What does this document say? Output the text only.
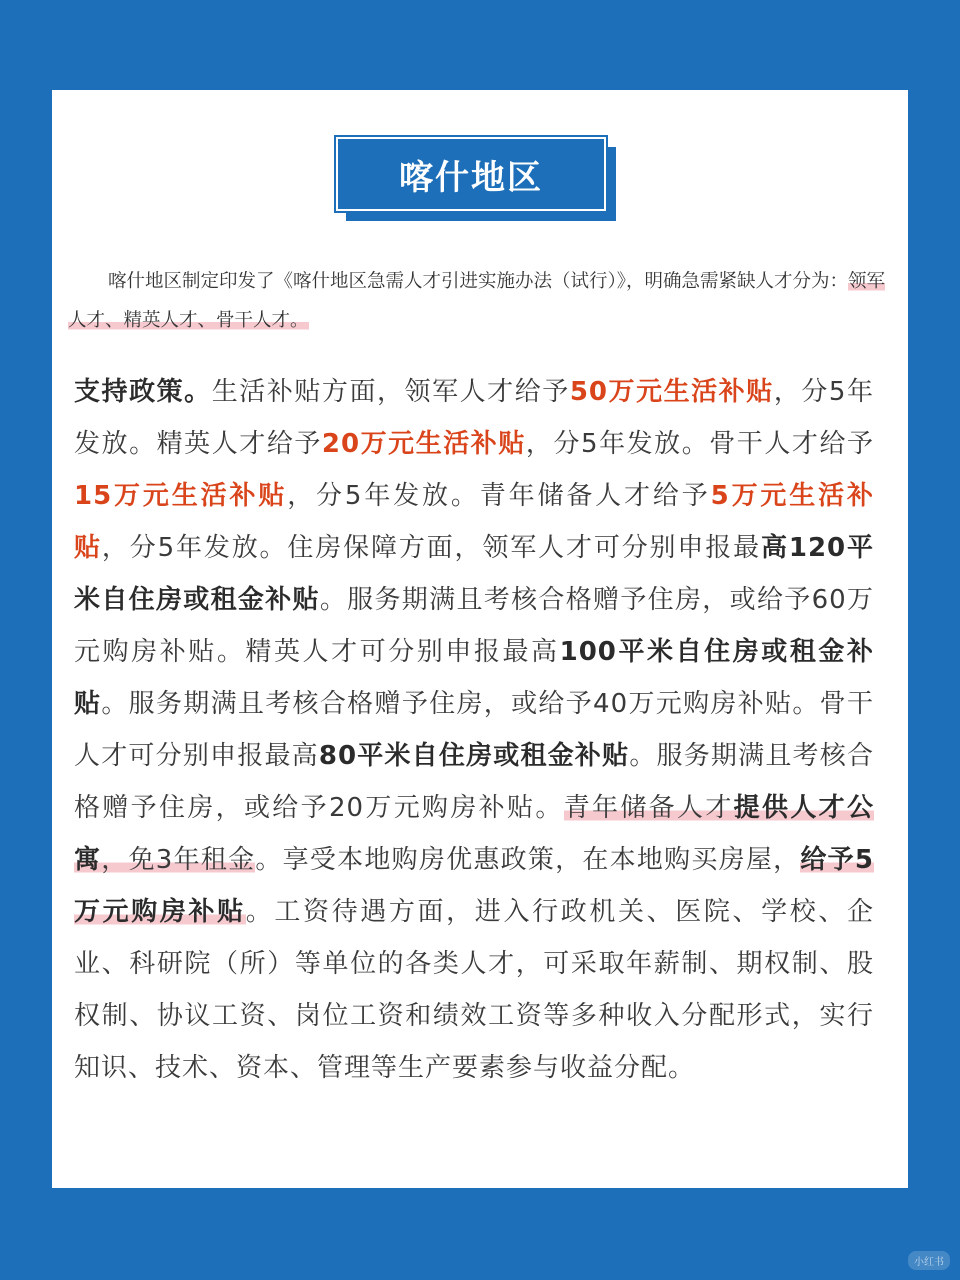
喀什地区
喀什地区制定印发了《喀什地区急需人才引进实施办法（试行）》，明确急需紧缺人才分为：领军人才、精英人才、骨干人才。
支持政策。生活补贴方面，领军人才给予50万元生活补贴，分5年发放。精英人才给予20万元生活补贴，分5年发放。骨干人才给予15万元生活补贴，分5年发放。青年储备人才给予5万元生活补贴，分5年发放。住房保障方面，领军人才可分别申报最高120平米自住房或租金补贴。服务期满且考核合格赠予住房，或给予60万元购房补贴。精英人才可分别申报最高100平米自住房或租金补贴。服务期满且考核合格赠予住房，或给予40万元购房补贴。骨干人才可分别申报最高80平米自住房或租金补贴。服务期满且考核合格赠予住房，或给予20万元购房补贴。青年储备人才提供人才公寓，免3年租金。享受本地购房优惠政策，在本地购买房屋，给予5万元购房补贴。工资待遇方面，进入行政机关、医院、学校、企业、科研院（所）等单位的各类人才，可采取年薪制、期权制、股权制、协议工资、岗位工资和绩效工资等多种收入分配形式，实行知识、技术、资本、管理等生产要素参与收益分配。
小红书
